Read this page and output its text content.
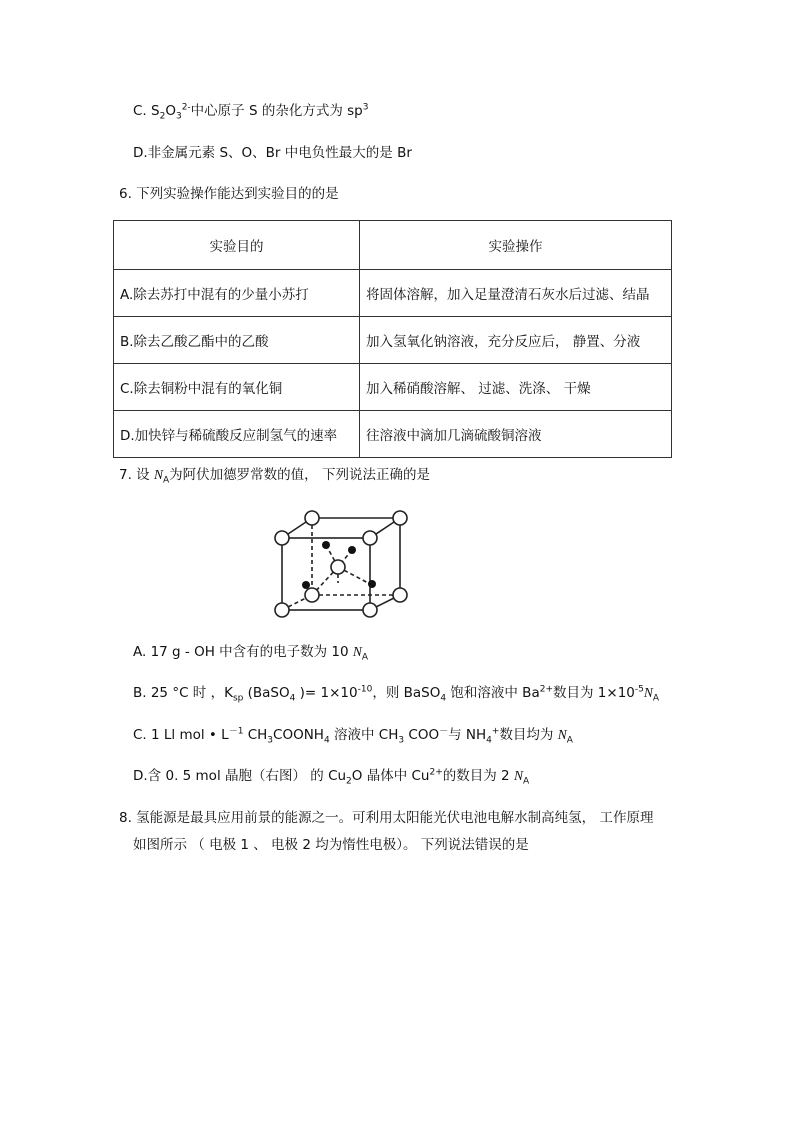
C. $S_2O_3^{2-}$中心原子 S 的杂化方式为 $sp^3$
D.非金属元素 S、O、Br 中电负性最大的是 Br
6. 下列实验操作能达到实验目的的是
实验目的	实验操作
A.除去苏打中混有的少量小苏打	将固体溶解，加入足量澄清石灰水后过滤、结晶
B.除去乙酸乙酯中的乙酸	加入氢氧化钠溶液，充分反应后， 静置、分液
C.除去铜粉中混有的氧化铜	加入稀硝酸溶解、 过滤、洗涤、 干燥
D.加快锌与稀硫酸反应制氢气的速率	往溶液中滴加几滴硫酸铜溶液
7. 设 $N_A$为阿伏加德罗常数的值， 下列说法正确的是
A. 17 g - OH 中含有的电子数为 10 $N_A$
B. 25 °C 时 ，$K_{sp}$ (BaSO$_4$ )= $1\times 10^{-10}$，则 BaSO$_4$ 饱和溶液中 $Ba^{2+}$数目为 $1\times 10^{-5}N_A$
C. 1 Ll mol • $L^{-1}$ $CH_3COONH_4$ 溶液中 $CH_3$ COO－与 $NH_4^+$数目均为 $N_A$
D.含 0. 5 mol 晶胞（右图） 的 $Cu_2O$ 晶体中 $Cu^{2+}$的数目为 2 $N_A$
8. 氢能源是最具应用前景的能源之一。可利用太阳能光伏电池电解水制高纯氢， 工作原理
如图所示 （ 电极 1 、 电极 2 均为惰性电极）。 下列说法错误的是
